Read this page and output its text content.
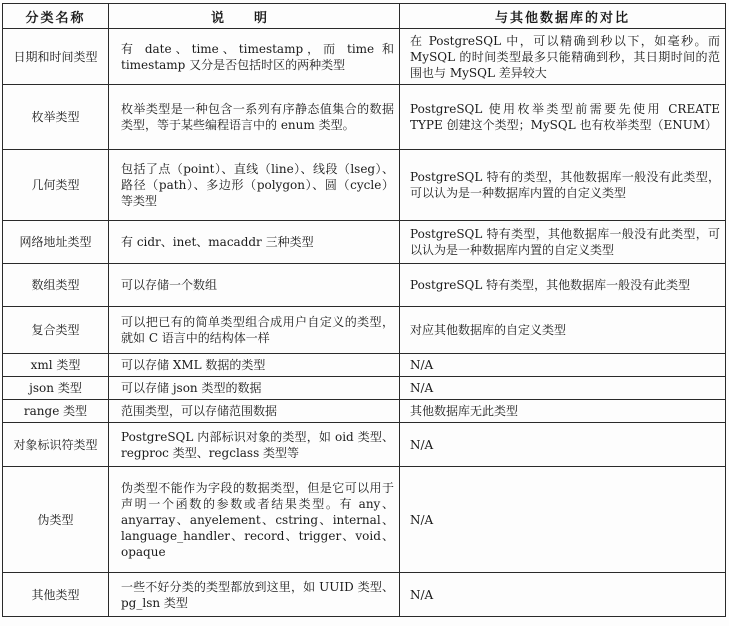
分类名称	说明	与其他数据库的对比
日期和时间类型	有 date、time、timestamp，而 time 和 timestamp 又分是否包括时区的两种类型	在 PostgreSQL 中，可以精确到秒以下，如毫秒。而 MySQL 的时间类型最多只能精确到秒，其日期时间的范围也与 MySQL 差异较大
枚举类型	枚举类型是一种包含一系列有序静态值集合的数据类型，等于某些编程语言中的 enum 类型。	PostgreSQL 使用枚举类型前需要先使用 CREATE TYPE 创建这个类型；MySQL 也有枚举类型（ENUM）
几何类型	包括了点（point）、直线（line）、线段（lseg）、路径（path）、多边形（polygon）、圆（cycle）等类型	PostgreSQL 特有的类型，其他数据库一般没有此类型，可以认为是一种数据库内置的自定义类型
网络地址类型	有 cidr、inet、macaddr 三种类型	PostgreSQL 特有类型，其他数据库一般没有此类型，可以认为是一种数据库内置的自定义类型
数组类型	可以存储一个数组	PostgreSQL 特有类型，其他数据库一般没有此类型
复合类型	可以把已有的简单类型组合成用户自定义的类型，就如 C 语言中的结构体一样	对应其他数据库的自定义类型
xml 类型	可以存储 XML 数据的类型	N/A
json 类型	可以存储 json 类型的数据	N/A
range 类型	范围类型，可以存储范围数据	其他数据库无此类型
对象标识符类型	PostgreSQL 内部标识对象的类型，如 oid 类型、regproc 类型、regclass 类型等	N/A
伪类型	伪类型不能作为字段的数据类型，但是它可以用于声明一个函数的参数或者结果类型。有 any、anyarray、anyelement、cstring、internal、language_handler、record、trigger、void、opaque	N/A
其他类型	一些不好分类的类型都放到这里，如 UUID 类型、pg_lsn 类型	N/A
